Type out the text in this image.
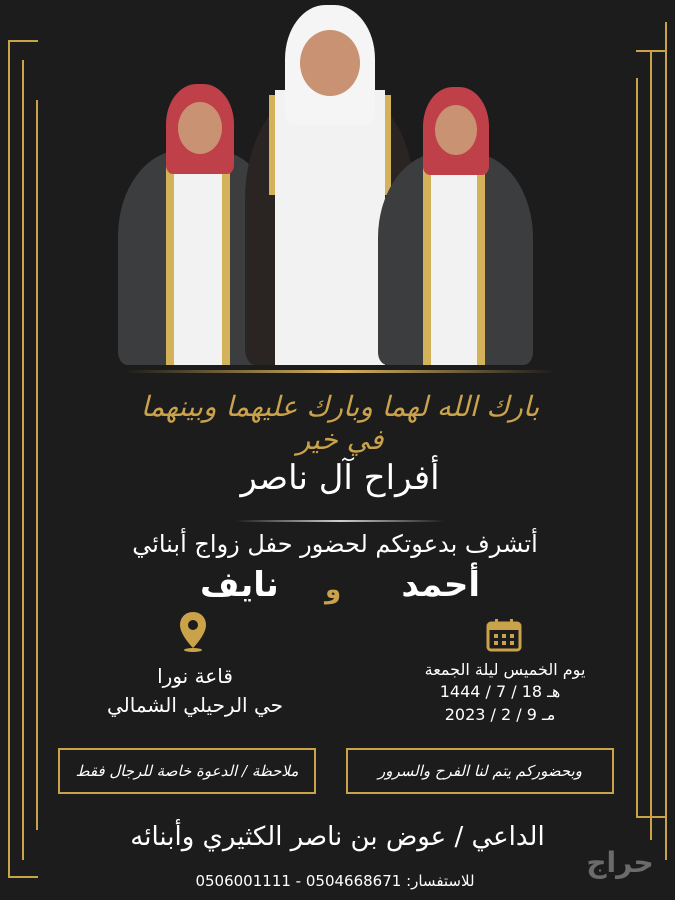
بارك الله لهما وبارك عليهما وبينهما في خير
أفراح آل ناصر
أتشرف بدعوتكم لحضور حفل زواج أبنائي
نايف و أحمد
قاعة نورا
حي الرحيلي الشمالي
يوم الخميس ليلة الجمعة
1444 / 7 / 18 هـ
2023 / 2 / 9 مـ
ملاحظة / الدعوة خاصة للرجال فقط	وبحضوركم يتم لنا الفرح والسرور
الداعي / عوض بن ناصر الكثيري وأبنائه
للاستفسار: 0504668671 - 0506001111
حراج
